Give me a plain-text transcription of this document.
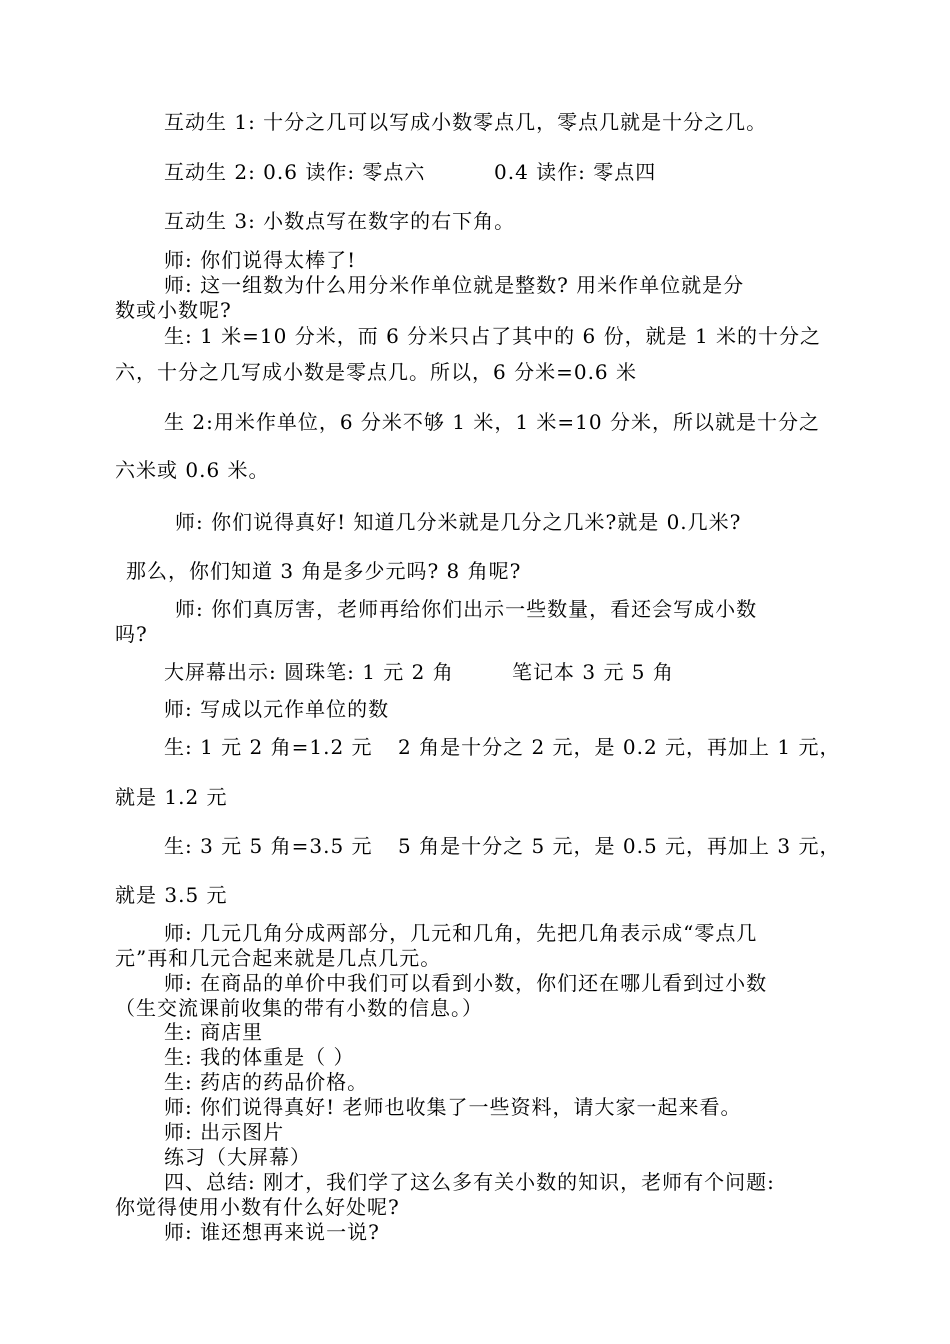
互动生 1: 十分之几可以写成小数零点几，零点几就是十分之几。
互动生 2: 0.6 读作: 零点六	0.4 读作: 零点四
互动生 3: 小数点写在数字的右下角。
师: 你们说得太棒了!
师: 这一组数为什么用分米作单位就是整数? 用米作单位就是分
数或小数呢?
生: 1 米=10 分米，而 6 分米只占了其中的 6 份，就是 1 米的十分之
六，十分之几写成小数是零点几。所以，6 分米=0.6 米
生 2:用米作单位，6 分米不够 1 米，1 米=10 分米，所以就是十分之
六米或 0.6 米。
师: 你们说得真好! 知道几分米就是几分之几米?就是 0.几米?
那么，你们知道 3 角是多少元吗? 8 角呢?
师: 你们真厉害，老师再给你们出示一些数量，看还会写成小数
吗?
大屏幕出示: 圆珠笔: 1 元 2 角	笔记本 3 元 5 角
师: 写成以元作单位的数
生: 1 元 2 角=1.2 元 2 角是十分之 2 元，是 0.2 元，再加上 1 元，
就是 1.2 元
生: 3 元 5 角=3.5 元 5 角是十分之 5 元，是 0.5 元，再加上 3 元，
就是 3.5 元
师: 几元几角分成两部分，几元和几角，先把几角表示成“零点几
元”再和几元合起来就是几点几元。
师: 在商品的单价中我们可以看到小数，你们还在哪儿看到过小数
（生交流课前收集的带有小数的信息。）
生: 商店里
生: 我的体重是（ ）
生: 药店的药品价格。
师: 你们说得真好! 老师也收集了一些资料，请大家一起来看。
师: 出示图片
练习（大屏幕）
四、总结: 刚才，我们学了这么多有关小数的知识，老师有个问题:
你觉得使用小数有什么好处呢?
师: 谁还想再来说一说?
